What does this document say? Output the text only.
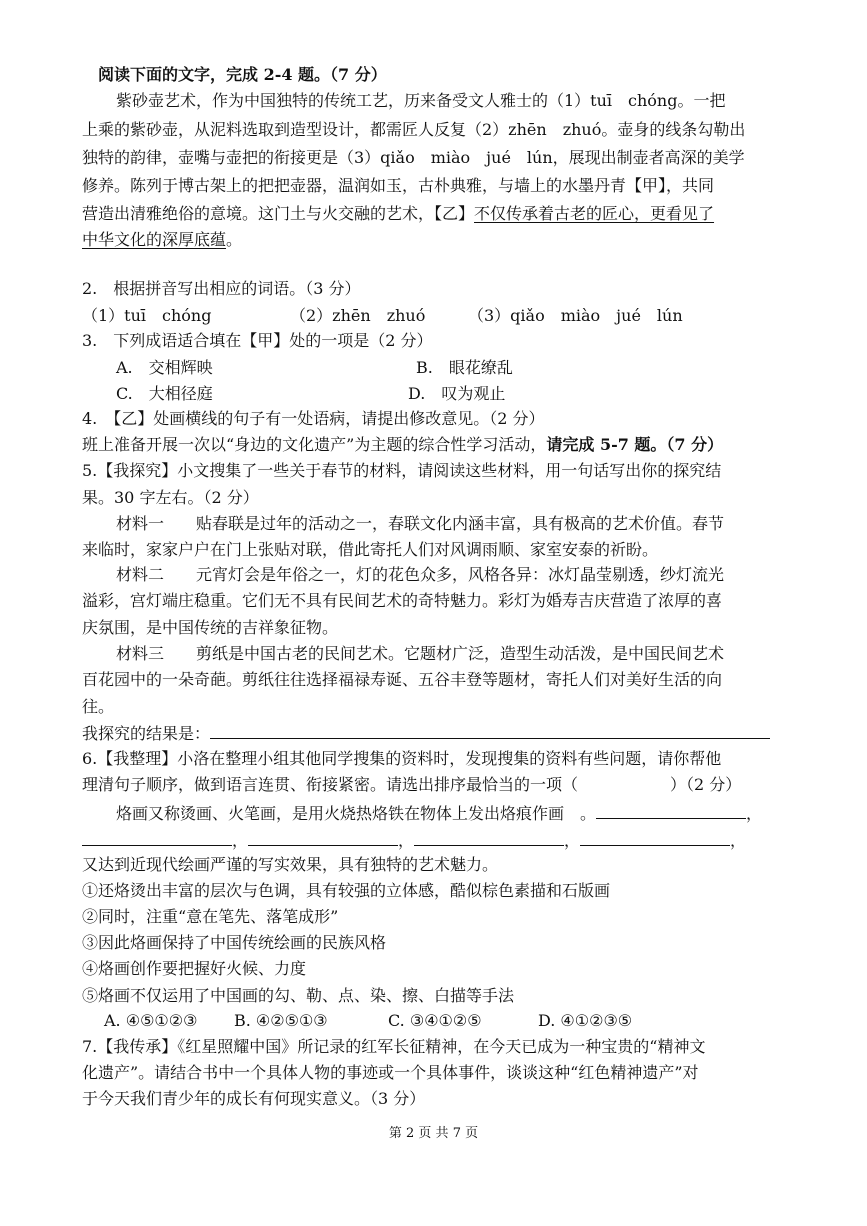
阅读下面的文字，完成 2-4 题。（7 分）
紫砂壶艺术，作为中国独特的传统工艺，历来备受文人雅士的（1）tuī　chóng。一把
上乘的紫砂壶，从泥料选取到造型设计，都需匠人反复（2）zhēn　zhuó。壶身的线条勾勒出
独特的韵律，壶嘴与壶把的衔接更是（3）qiǎo　miào　jué　lún，展现出制壶者高深的美学
修养。陈列于博古架上的把把壶器，温润如玉，古朴典雅，与墙上的水墨丹青【甲】，共同
营造出清雅绝俗的意境。这门土与火交融的艺术，【乙】不仅传承着古老的匠心，更看见了
中华文化的深厚底蕴。
2.　根据拼音写出相应的词语。（3 分）
（1）tuī　chóng	（2）zhēn　zhuó	（3）qiǎo　miào　jué　lún
3.　下列成语适合填在【甲】处的一项是（2 分）
A.　交相辉映	B.　眼花缭乱
C.　大相径庭	D.　叹为观止
4.　【乙】处画横线的句子有一处语病，请提出修改意见。（2 分）
班上准备开展一次以“身边的文化遗产”为主题的综合性学习活动，请完成 5-7 题。（7 分）
5.【我探究】小文搜集了一些关于春节的材料，请阅读这些材料，用一句话写出你的探究结
果。30 字左右。（2 分）
材料一　　贴春联是过年的活动之一，春联文化内涵丰富，具有极高的艺术价值。春节
来临时，家家户户在门上张贴对联，借此寄托人们对风调雨顺、家室安泰的祈盼。
材料二　　元宵灯会是年俗之一，灯的花色众多，风格各异：冰灯晶莹剔透，纱灯流光
溢彩，宫灯端庄稳重。它们无不具有民间艺术的奇特魅力。彩灯为婚寿吉庆营造了浓厚的喜
庆氛围，是中国传统的吉祥象征物。
材料三　　剪纸是中国古老的民间艺术。它题材广泛，造型生动活泼，是中国民间艺术
百花园中的一朵奇葩。剪纸往往选择福禄寿诞、五谷丰登等题材，寄托人们对美好生活的向
往。
我探究的结果是：
6.【我整理】小洛在整理小组其他同学搜集的资料时，发现搜集的资料有些问题，请你帮他
理清句子顺序，做到语言连贯、衔接紧密。请选出排序最恰当的一项（	）（2 分）
烙画又称烫画、火笔画，是用火烧热烙铁在物体上发出烙痕作画　。	，
，	，	，	，
又达到近现代绘画严谨的写实效果，具有独特的艺术魅力。
①还烙烫出丰富的层次与色调，具有较强的立体感，酷似棕色素描和石版画
②同时，注重“意在笔先、落笔成形”
③因此烙画保持了中国传统绘画的民族风格
④烙画创作要把握好火候、力度
⑤烙画不仅运用了中国画的勾、勒、点、染、擦、白描等手法
A. ④⑤①②③ B. ④②⑤①③	C. ③④①②⑤	D. ④①②③⑤
7.【我传承】《红星照耀中国》所记录的红军长征精神，在今天已成为一种宝贵的“精神文
化遗产”。请结合书中一个具体人物的事迹或一个具体事件，谈谈这种“红色精神遗产”对
于今天我们青少年的成长有何现实意义。（3 分）
第 2 页 共 7 页
